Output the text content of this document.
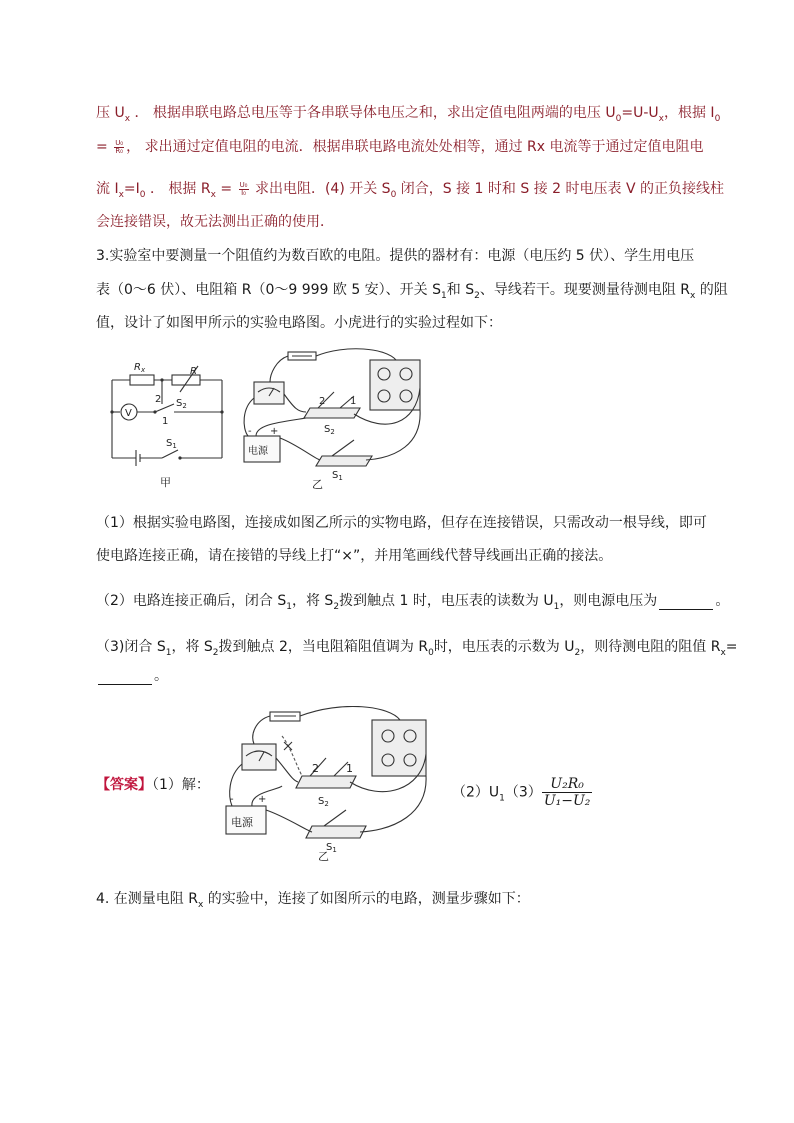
压 $U_x$ ． 根据串联电路总电压等于各串联导体电压之和，求出定值电阻两端的电压 $U_0=U-U_x$，根据 $I_0$
= $\frac{\text{U₀}}{\text{R₀}}$ ， 求出通过定值电阻的电流．根据串联电路电流处处相等，通过 Rx 电流等于通过定值电阻电
流 $I_x=I_0$ ． 根据 $R_x = \frac{\text{U₀}}{\text{I₀}}$ 求出电阻．(4) 开关 $S_0$ 闭合，S 接 1 时和 S 接 2 时电压表 V 的正负接线柱
会连接错误，故无法测出正确的使用．
3.实验室中要测量一个阻值约为数百欧的电阻。提供的器材有：电源（电压约 5 伏）、学生用电压
表（0～6 伏）、电阻箱 R（0～9 999 欧 5 安）、开关 $S_1$和 $S_2$、导线若干。现要测量待测电阻 $R_x$ 的阻
值，设计了如图甲所示的实验电路图。小虎进行的实验过程如下：
$R_x$	R
V
2
1
$S_2$
$S_1$
甲
2 1
$S_2$
$S_1$
电源
- +
乙
（1）根据实验电路图，连接成如图乙所示的实物电路，但存在连接错误，只需改动一根导线，即可
使电路连接正确，请在接错的导线上打“×”，并用笔画线代替导线画出正确的接法。
（2）电路连接正确后，闭合 $S_1$，将 $S_2$拨到触点 1 时，电压表的读数为 $U_1$，则电源电压为	。
（3)闭合 $S_1$，将 $S_2$拨到触点 2，当电阻箱阻值调为 $R_0$时，电压表的示数为 $U_2$，则待测电阻的阻值 $R_x=$
。
【答案】（1）解：
2 1
$S_2$
$S_1$
电源
- +
乙
$(2)U_1(3) \frac{\text{U₂R₀}}{\text{U₁−U₂}}$
4. 在测量电阻 $R_x$ 的实验中，连接了如图所示的电路，测量步骤如下：
